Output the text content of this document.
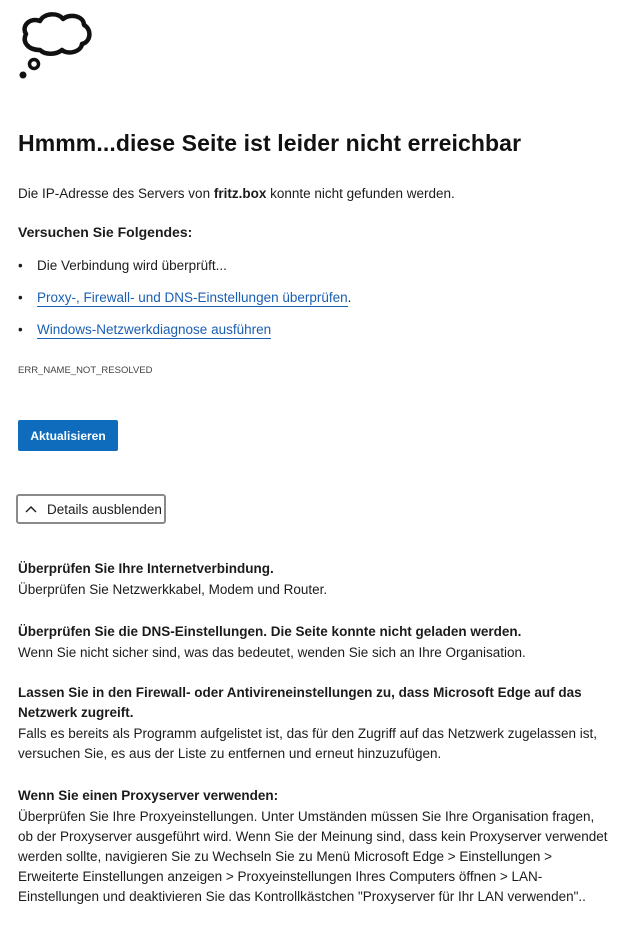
Hmmm...diese Seite ist leider nicht erreichbar

Die IP-Adresse des Servers von fritz.box konnte nicht gefunden werden.

Versuchen Sie Folgendes:

• Die Verbindung wird überprüft...
• Proxy-, Firewall- und DNS-Einstellungen überprüfen.
• Windows-Netzwerkdiagnose ausführen
ERR_NAME_NOT_RESOLVED
Aktualisieren
Details ausblenden

Überprüfen Sie Ihre Internetverbindung.

Überprüfen Sie Netzwerkkabel, Modem und Router.

Überprüfen Sie die DNS-Einstellungen. Die Seite konnte nicht geladen werden.

Wenn Sie nicht sicher sind, was das bedeutet, wenden Sie sich an Ihre Organisation.

Lassen Sie in den Firewall- oder Antivireneinstellungen zu, dass Microsoft Edge auf das Netzwerk zugreift.

Falls es bereits als Programm aufgelistet ist, das für den Zugriff auf das Netzwerk zugelassen ist, versuchen Sie, es aus der Liste zu entfernen und erneut hinzuzufügen.

Wenn Sie einen Proxyserver verwenden:

Überprüfen Sie Ihre Proxyeinstellungen. Unter Umständen müssen Sie Ihre Organisation fragen, ob der Proxyserver ausgeführt wird. Wenn Sie der Meinung sind, dass kein Proxyserver verwendet werden sollte, navigieren Sie zu Wechseln Sie zu Menü Microsoft Edge > Einstellungen > Erweiterte Einstellungen anzeigen > Proxyeinstellungen Ihres Computers öffnen > LAN-Einstellungen und deaktivieren Sie das Kontrollkästchen "Proxyserver für Ihr LAN verwenden"..
